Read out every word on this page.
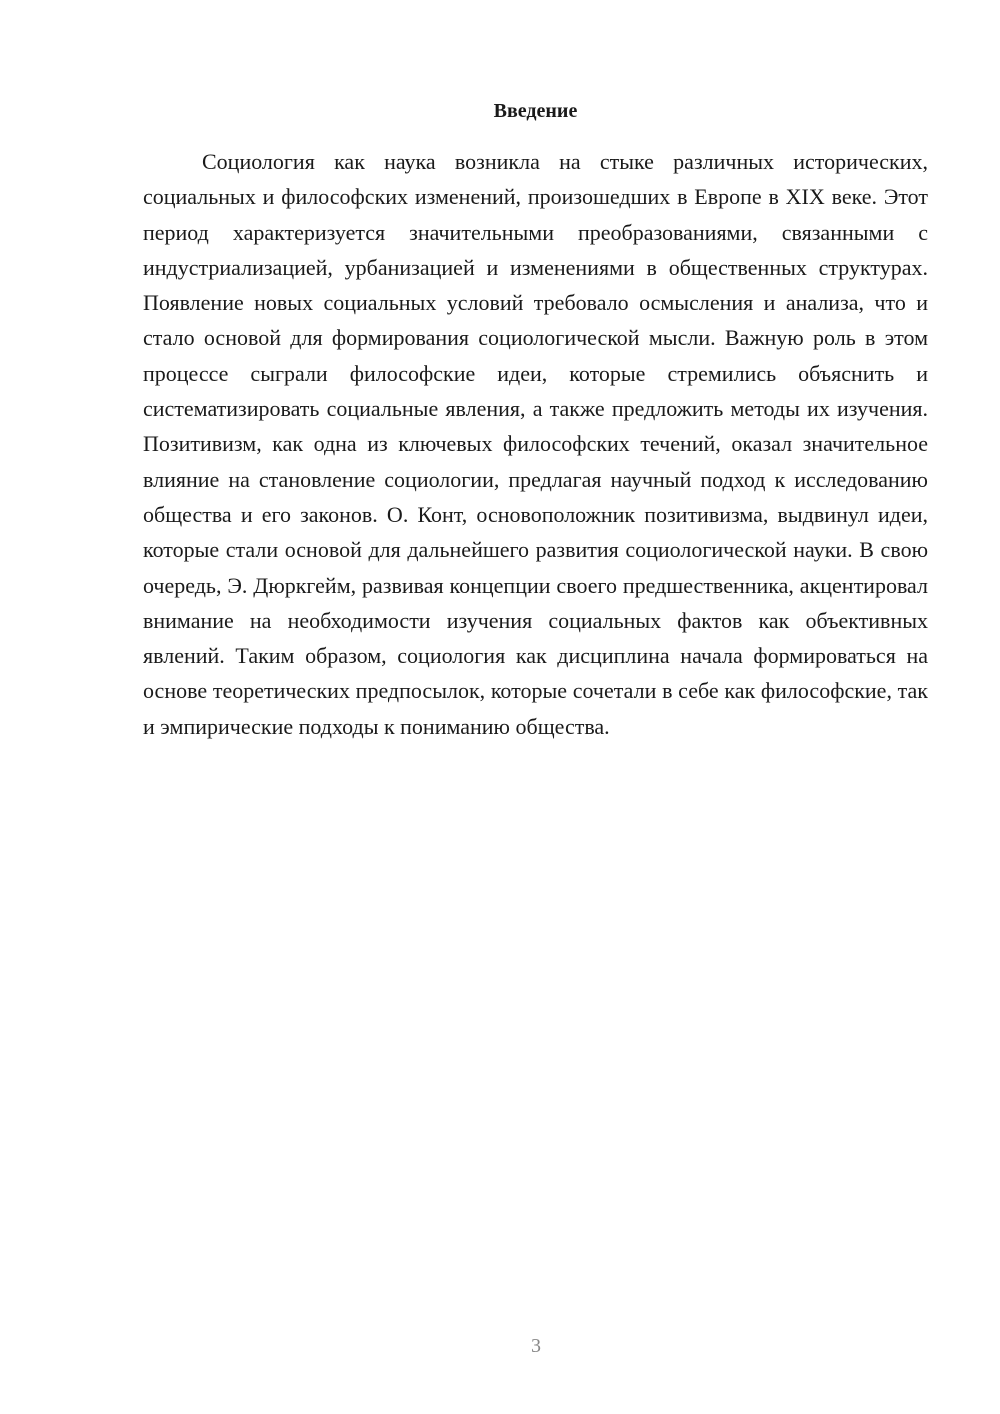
Введение

Социология как наука возникла на стыке различных исторических, социальных и философских изменений, произошедших в Европе в XIX веке. Этот период характеризуется значительными преобразованиями, связанными с индустриализацией, урбанизацией и изменениями в общественных структурах. Появление новых социальных условий требовало осмысления и анализа, что и стало основой для формирования социологической мысли. Важную роль в этом процессе сыграли философские идеи, которые стремились объяснить и систематизировать социальные явления, а также предложить методы их изучения. Позитивизм, как одна из ключевых философских течений, оказал значительное влияние на становление социологии, предлагая научный подход к исследованию общества и его законов. О. Конт, основоположник позитивизма, выдвинул идеи, которые стали основой для дальнейшего развития социологической науки. В свою очередь, Э. Дюркгейм, развивая концепции своего предшественника, акцентировал внимание на необходимости изучения социальных фактов как объективных явлений. Таким образом, социология как дисциплина начала формироваться на основе теоретических предпосылок, которые сочетали в себе как философские, так и эмпирические подходы к пониманию общества.

3
